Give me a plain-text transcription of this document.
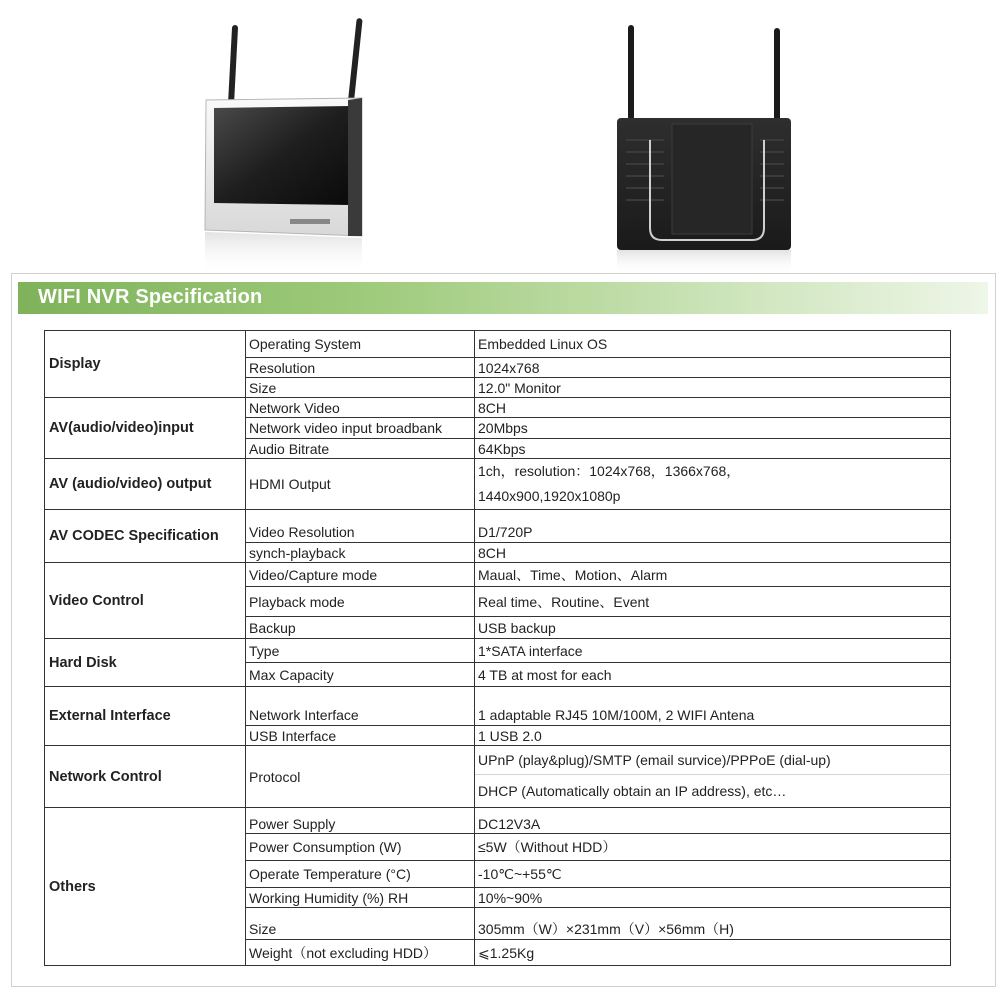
WIFI NVR Specification
Display	Operating System	Embedded Linux OS
	Resolution	1024x768
	Size	12.0" Monitor
AV(audio/video)input	Network Video	8CH
	Network video input broadbank	20Mbps
	Audio Bitrate	64Kbps
AV (audio/video) output	HDMI Output	1ch，resolution：1024x768，1366x768，
1440x900,1920x1080p

AV CODEC Specification	Video Resolution	D1/720P
	synch-playback	8CH
Video Control	Video/Capture mode	Maual、Time、Motion、Alarm
	Playback mode	Real time、Routine、Event
	Backup	USB backup
Hard Disk	Type	1*SATA interface
	Max Capacity	4 TB at most for each
External Interface	Network Interface	1 adaptable RJ45 10M/100M, 2 WIFI Antena
	USB Interface	1 USB 2.0
Network Control	Protocol	UPnP (play&plug)/SMTP (email survice)/PPPoE (dial-up)
DHCP (Automatically obtain an IP address), etc…

Others	Power Supply	DC12V3A
	Power Consumption (W)	≤5W（Without HDD）
	Operate Temperature (°C)	-10℃~+55℃
	Working Humidity (%) RH	10%~90%
	Size	305mm（W）×231mm（V）×56mm（H)
	Weight（not excluding HDD）	⩽1.25Kg
